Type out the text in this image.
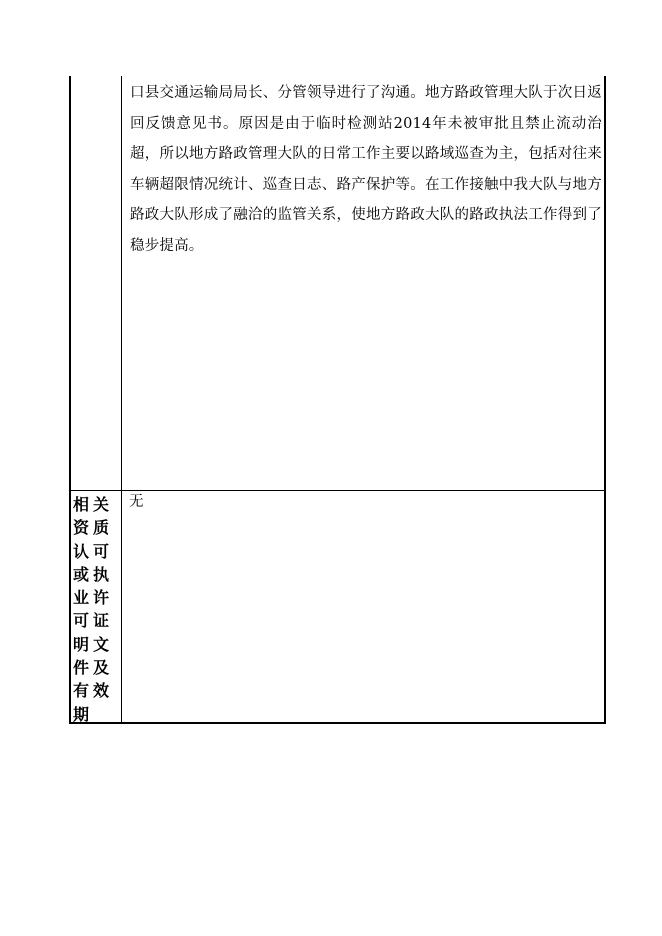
口县交通运输局局长、分管领导进行了沟通。地方路政管理大队于次日返回反馈意见书。原因是由于临时检测站2014年未被审批且禁止流动治超，所以地方路政管理大队的日常工作主要以路域巡查为主，包括对往来车辆超限情况统计、巡查日志、路产保护等。在工作接触中我大队与地方路政大队形成了融洽的监管关系，使地方路政大队的路政执法工作得到了稳步提高。

相关资质认可或执业许可证明文件及有效期
无
